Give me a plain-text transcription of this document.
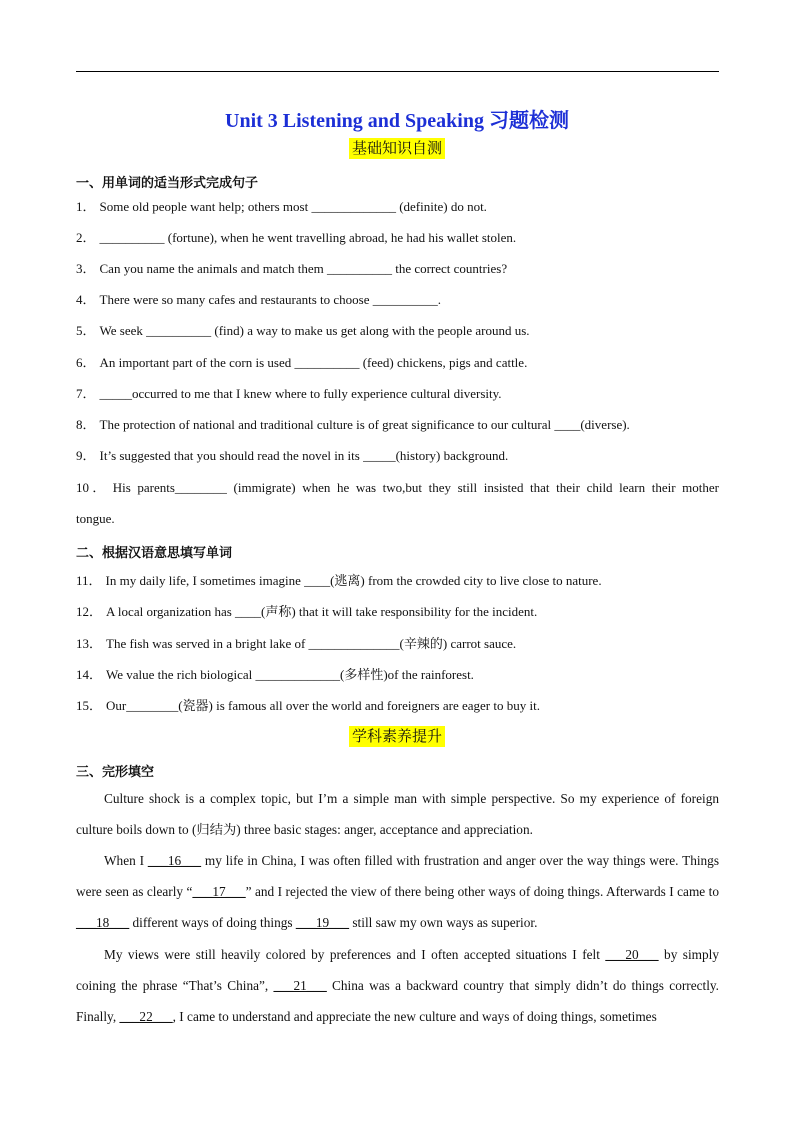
Unit 3 Listening and Speaking 习题检测
基础知识自测
一、用单词的适当形式完成句子
1． Some old people want help; others most _____________ (definite) do not.
2． __________ (fortune), when he went travelling abroad, he had his wallet stolen.
3． Can you name the animals and match them __________ the correct countries?
4． There were so many cafes and restaurants to choose __________.
5． We seek __________ (find) a way to make us get along with the people around us.
6． An important part of the corn is used __________ (feed) chickens, pigs and cattle.
7． _____occurred to me that I knew where to fully experience cultural diversity.
8． The protection of national and traditional culture is of great significance to our cultural ____(diverse).
9． It’s suggested that you should read the novel in its _____(history) background.
10． His parents________ (immigrate) when he was two,but they still insisted that their child learn their mother
tongue.
二、根据汉语意思填写单词
11． In my daily life, I sometimes imagine ____(逃离) from the crowded city to live close to nature.
12． A local organization has ____(声称) that it will take responsibility for the incident.
13． The fish was served in a bright lake of ______________(辛辣的) carrot sauce.
14． We value the rich biological _____________(多样性)of the rainforest.
15． Our________(瓷器) is famous all over the world and foreigners are eager to buy it.
学科素养提升
三、完形填空

Culture shock is a complex topic, but I’m a simple man with simple perspective. So my experience of foreign culture boils down to (归结为) three basic stages: anger, acceptance and appreciation.

When I ___16___ my life in China, I was often filled with frustration and anger over the way things were. Things were seen as clearly “___17___” and I rejected the view of there being other ways of doing things. Afterwards I came to ___18___ different ways of doing things ___19___ still saw my own ways as superior.

My views were still heavily colored by preferences and I often accepted situations I felt ___20___ by simply coining the phrase “That’s China”, ___21___ China was a backward country that simply didn’t do things correctly. Finally, ___22___, I came to understand and appreciate the new culture and ways of doing things, sometimes
